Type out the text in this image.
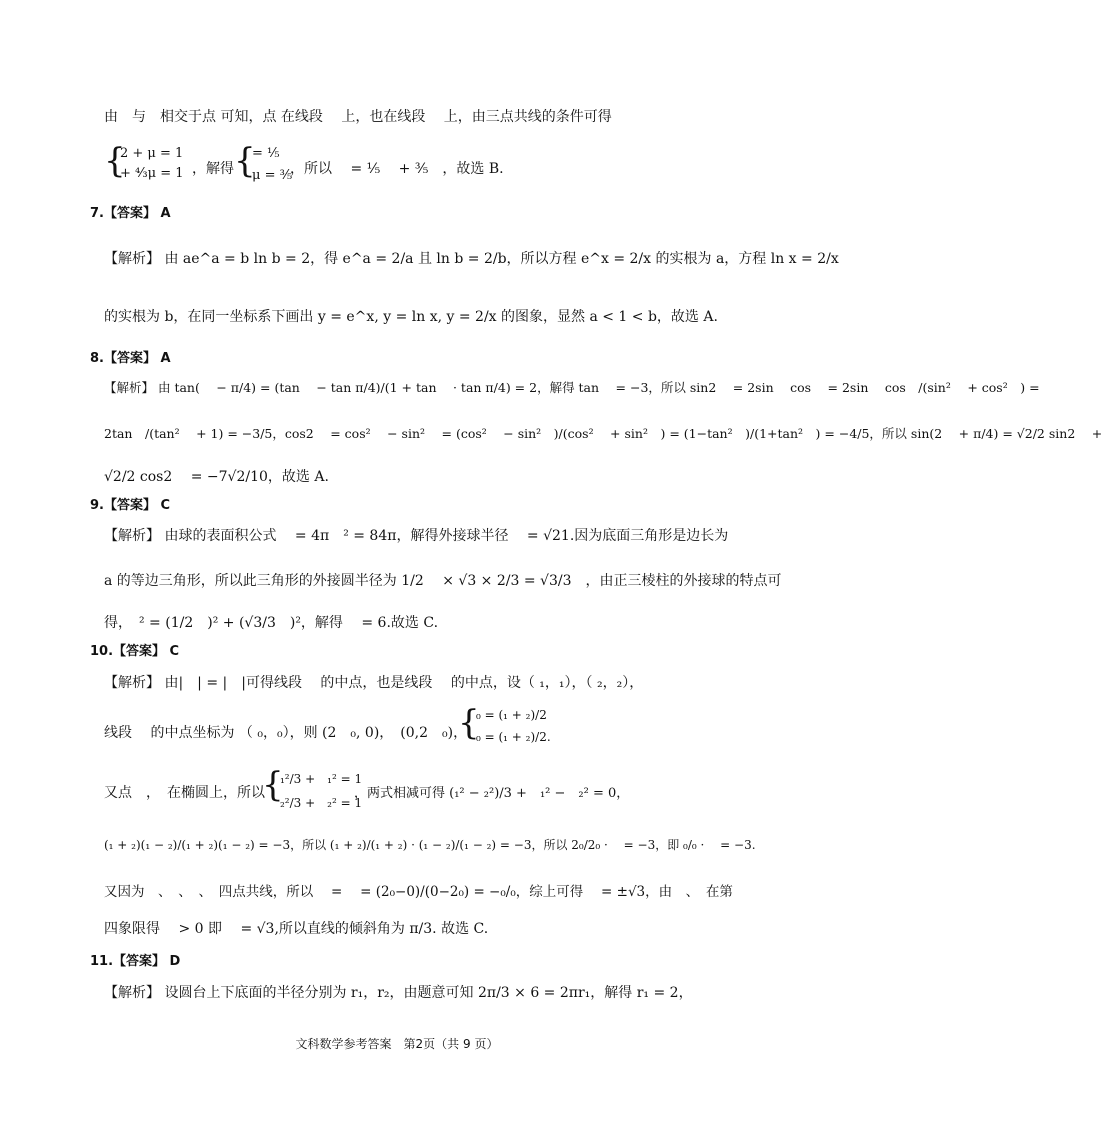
由　与　相交于点 可知，点 在线段　 上，也在线段　 上，由三点共线的条件可得
{
2 + μ = 1
+ ⁴⁄₃μ = 1 ，解得 {
= ¹⁄₅
μ = ³⁄₅
，所以　 = ¹⁄₅　 + ³⁄₅　，故选 B.
7.【答案】 A
【解析】 由 ae^a = b ln b = 2，得 e^a = 2/a 且 ln b = 2/b，所以方程 e^x = 2/x 的实根为 a，方程 ln x = 2/x
的实根为 b，在同一坐标系下画出 y = e^x, y = ln x, y = 2/x 的图象，显然 a < 1 < b，故选 A.
8.【答案】 A
【解析】 由 tan(　 − π/4) = (tan　 − tan π/4)/(1 + tan　 · tan π/4) = 2，解得 tan　 = −3，所以 sin2　 = 2sin　 cos　 = 2sin　 cos　/(sin²　 + cos²　) =
2tan　/(tan²　 + 1) = −3/5，cos2　 = cos²　 − sin²　 = (cos²　 − sin²　)/(cos²　 + sin²　) = (1−tan²　)/(1+tan²　) = −4/5，所以 sin(2　 + π/4) = √2/2 sin2　 +
√2/2 cos2　 = −7√2/10，故选 A.
9.【答案】 C
【解析】 由球的表面积公式　 = 4π　² = 84π，解得外接球半径　 = √21.因为底面三角形是边长为
a 的等边三角形，所以此三角形的外接圆半径为 1/2　 × √3 × 2/3 = √3/3　，由正三棱柱的外接球的特点可
得，　² = (1/2　)² + (√3/3　)²，解得　 = 6.故选 C.
10.【答案】 C
【解析】 由|　| = |　|可得线段　 的中点，也是线段　 的中点，设（ ₁，₁），（ ₂，₂），
线段　 的中点坐标为 （ ₀，₀），则 (2　₀, 0)，　(0,2　₀)，
{
₀ = (₁ + ₂)/2
₀ = (₁ + ₂)/2.
又点　，　在椭圆上，所以
{
₁²/3 +　₁² = 1
₂²/3 +　₂² = 1
，两式相减可得 (₁² − ₂²)/3 +　₁² −　₂² = 0，
(₁ + ₂)(₁ − ₂)/(₁ + ₂)(₁ − ₂) = −3，所以 (₁ + ₂)/(₁ + ₂) · (₁ − ₂)/(₁ − ₂) = −3，所以 2₀/2₀ ·　 = −3，即 ₀/₀ ·　 = −3.
又因为　、　、　、　四点共线，所以　 =　 = (2₀−0)/(0−2₀) = −₀/₀，综上可得　 = ±√3，由　、　在第
四象限得　 > 0 即　 = √3,所以直线的倾斜角为 π/3. 故选 C.
11.【答案】 D
【解析】 设圆台上下底面的半径分别为 r₁，r₂，由题意可知 2π/3 × 6 = 2πr₁，解得 r₁ = 2，
文科数学参考答案　第2页（共 9 页）
